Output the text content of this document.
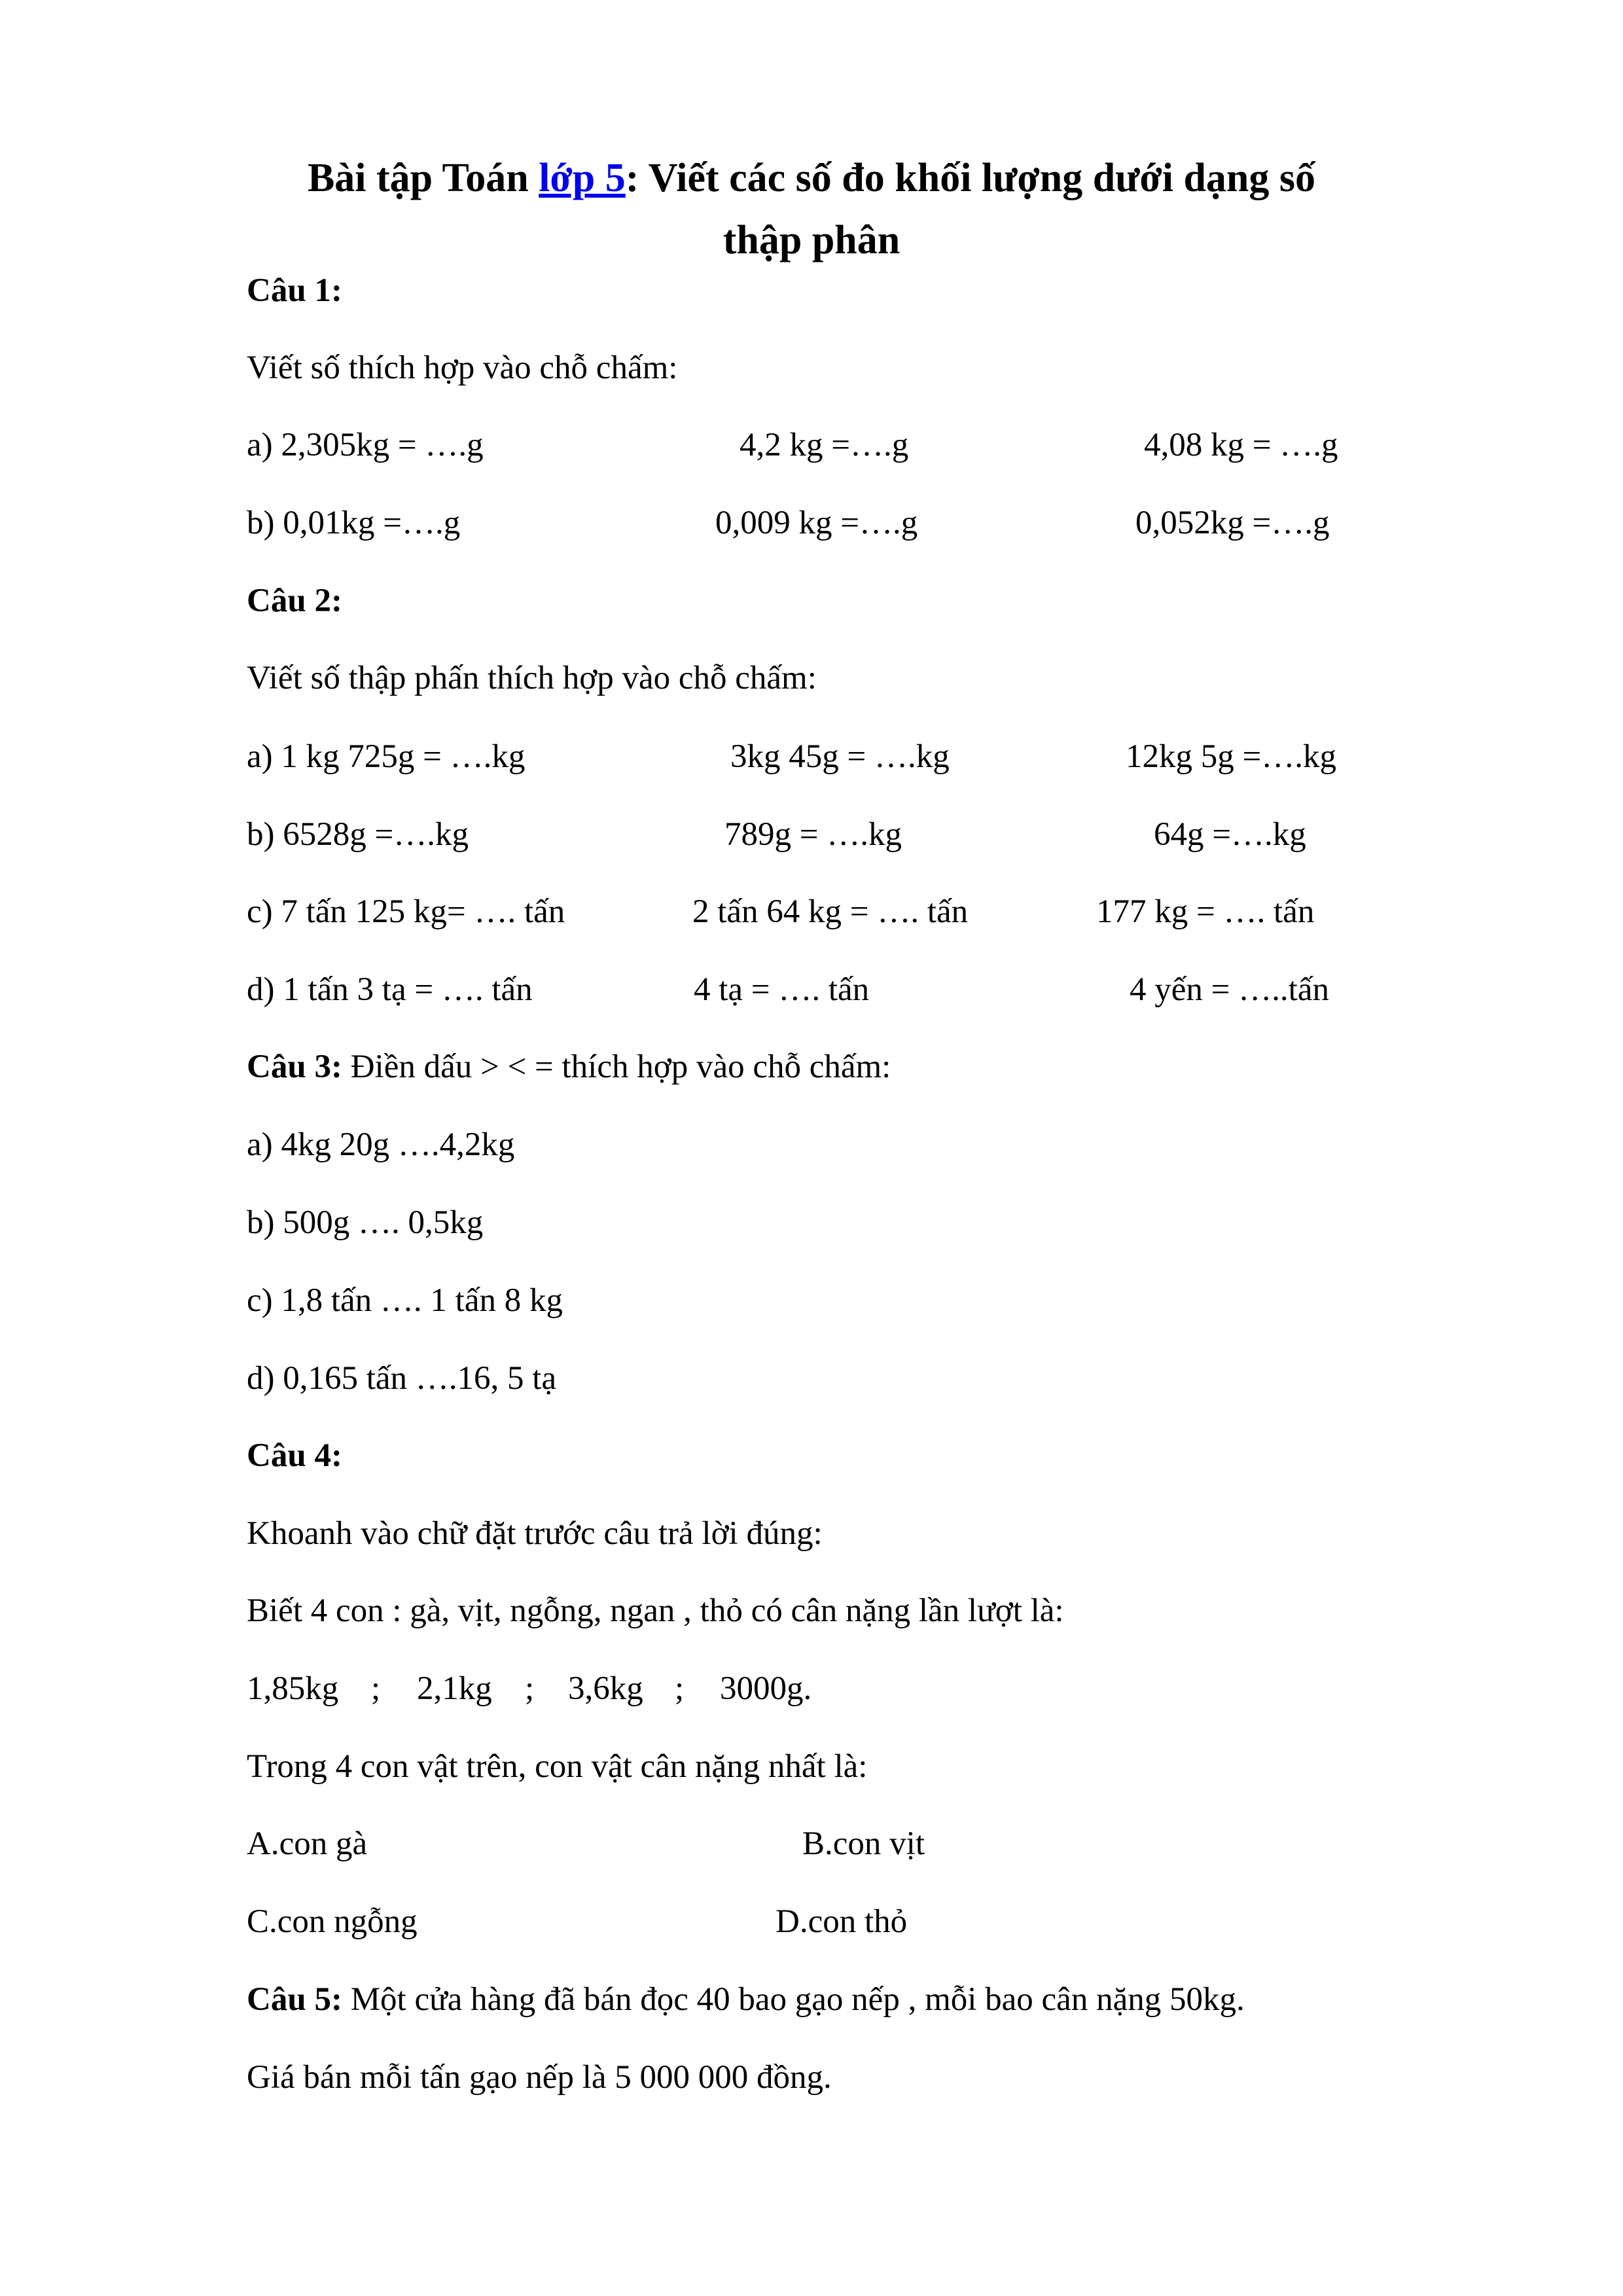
Bài tập Toán lớp 5: Viết các số đo khối lượng dưới dạng số
thập phân
Câu 1:
Viết số thích hợp vào chỗ chấm:
a) 2,305kg = ….g	4,2 kg =….g	4,08 kg = ….g
b) 0,01kg =….g	0,009 kg =….g	0,052kg =….g
Câu 2:
Viết số thập phấn thích hợp vào chỗ chấm:
a) 1 kg 725g = ….kg	3kg 45g = ….kg	12kg 5g =….kg
b) 6528g =….kg	789g = ….kg	64g =….kg
c) 7 tấn 125 kg= …. tấn	2 tấn 64 kg = …. tấn	177 kg = …. tấn
d) 1 tấn 3 tạ = …. tấn	4 tạ = …. tấn	4 yến = …..tấn
Câu 3: Điền dấu > < = thích hợp vào chỗ chấm:
a) 4kg 20g ….4,2kg
b) 500g …. 0,5kg
c) 1,8 tấn …. 1 tấn 8 kg
d) 0,165 tấn ….16, 5 tạ
Câu 4:
Khoanh vào chữ đặt trước câu trả lời đúng:
Biết 4 con : gà, vịt, ngỗng, ngan , thỏ có cân nặng lần lượt là:
1,85kg ; 2,1kg ; 3,6kg ; 3000g.
Trong 4 con vật trên, con vật cân nặng nhất là:
A.con gà	B.con vịt
C.con ngỗng	D.con thỏ
Câu 5: Một cửa hàng đã bán đọc 40 bao gạo nếp , mỗi bao cân nặng 50kg.
Giá bán mỗi tấn gạo nếp là 5 000 000 đồng.
